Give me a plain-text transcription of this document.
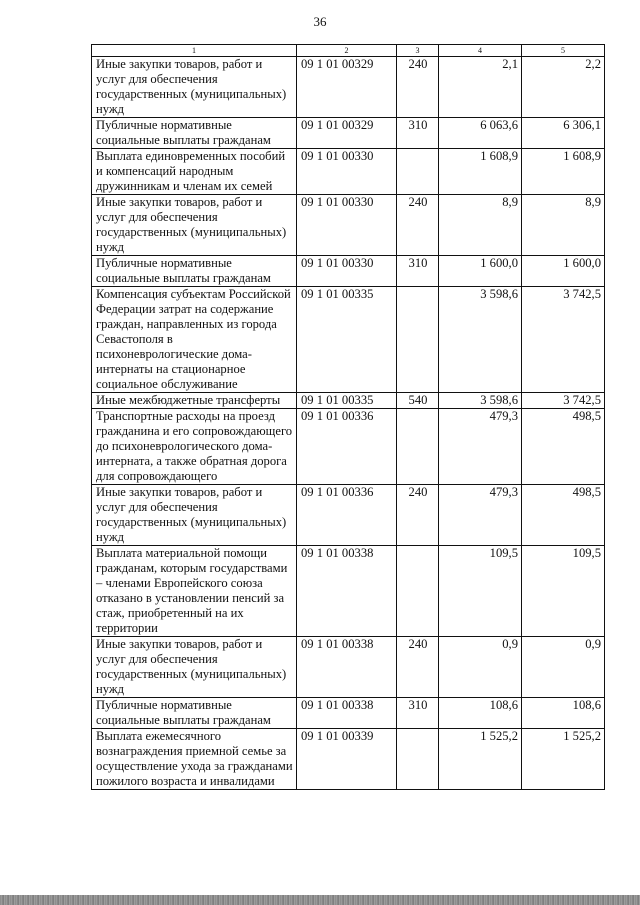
36
1	2	3	4	5
Иные закупки товаров, работ и услуг для обеспечения государственных (муниципальных) нужд	09 1 01 00329	240	2,1	2,2
Публичные нормативные социальные выплаты гражданам	09 1 01 00329	310	6 063,6	6 306,1
Выплата единовременных пособий и компенсаций народным дружинникам и членам их семей	09 1 01 00330		1 608,9	1 608,9
Иные закупки товаров, работ и услуг для обеспечения государственных (муниципальных) нужд	09 1 01 00330	240	8,9	8,9
Публичные нормативные социальные выплаты гражданам	09 1 01 00330	310	1 600,0	1 600,0
Компенсация субъектам Российской Федерации затрат на содержание граждан, направленных из города Севастополя в психоневрологические дома-интернаты на стационарное социальное обслуживание	09 1 01 00335		3 598,6	3 742,5
Иные межбюджетные трансферты	09 1 01 00335	540	3 598,6	3 742,5
Транспортные расходы на проезд гражданина и его сопровождающего до психоневрологического дома-интерната, а также обратная дорога для сопровождающего	09 1 01 00336		479,3	498,5
Иные закупки товаров, работ и услуг для обеспечения государственных (муниципальных) нужд	09 1 01 00336	240	479,3	498,5
Выплата материальной помощи гражданам, которым государствами – членами Европейского союза отказано в установлении пенсий за стаж, приобретенный на их территории	09 1 01 00338		109,5	109,5
Иные закупки товаров, работ и услуг для обеспечения государственных (муниципальных) нужд	09 1 01 00338	240	0,9	0,9
Публичные нормативные социальные выплаты гражданам	09 1 01 00338	310	108,6	108,6
Выплата ежемесячного вознаграждения приемной семье за осуществление ухода за гражданами пожилого возраста и инвалидами	09 1 01 00339		1 525,2	1 525,2
